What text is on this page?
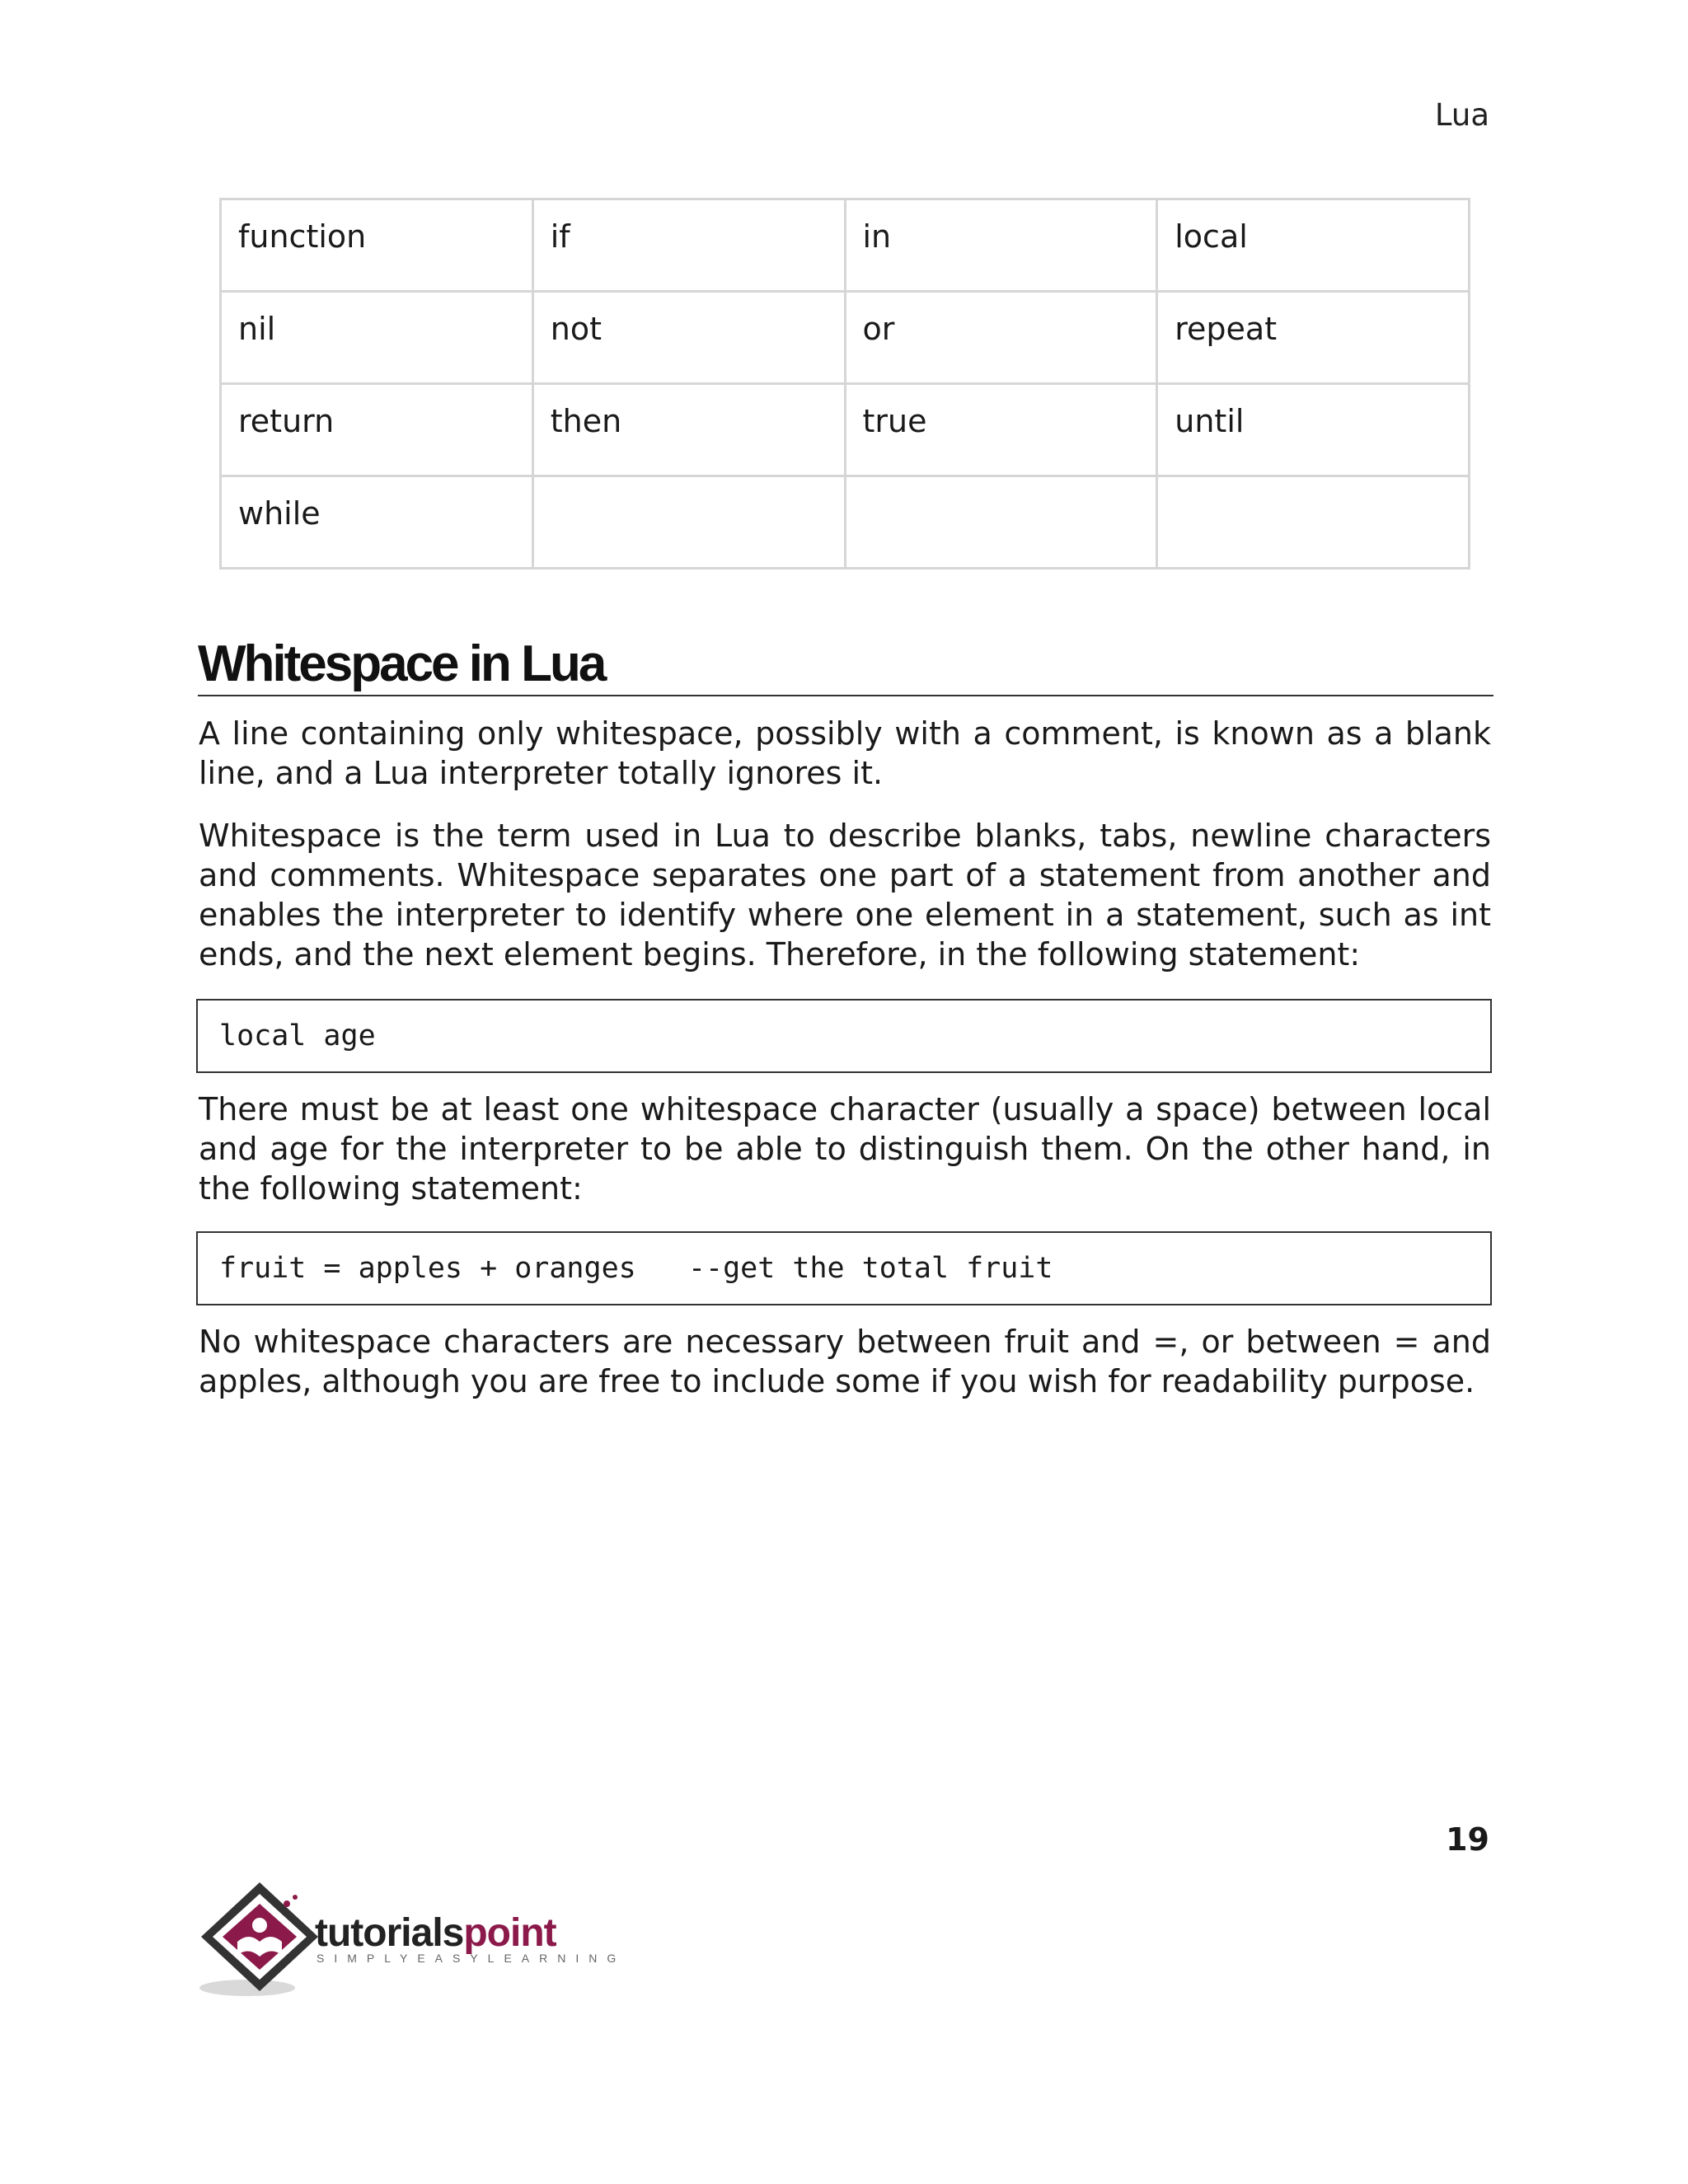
Lua
function	if	in	local
nil	not	or	repeat
return	then	true	until
while			
Whitespace in Lua

A line containing only whitespace, possibly with a comment, is known as a blank line, and a Lua interpreter totally ignores it.

Whitespace is the term used in Lua to describe blanks, tabs, newline characters and comments. Whitespace separates one part of a statement from another and enables the interpreter to identify where one element in a statement, such as int ends, and the next element begins. Therefore, in the following statement:

local age

There must be at least one whitespace character (usually a space) between local and age for the interpreter to be able to distinguish them. On the other hand, in the following statement:

fruit = apples + oranges   --get the total fruit

No whitespace characters are necessary between fruit and =, or between = and apples, although you are free to include some if you wish for readability purpose.

19
tutorialspoint
SIMPLYEASYLEARNING
